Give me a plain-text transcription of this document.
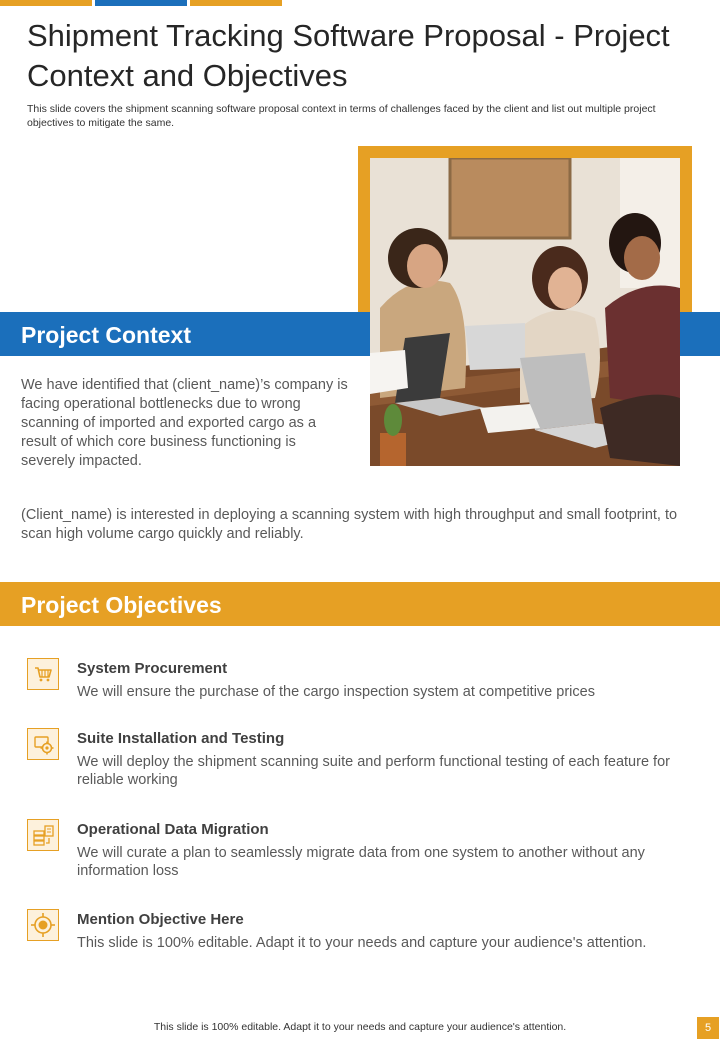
Shipment Tracking Software Proposal - Project Context and Objectives
This slide covers the shipment scanning software proposal context in terms of challenges faced by the client and list out multiple project objectives to mitigate the same.
Project Context
We have identified that (client_name)’s company is facing operational bottlenecks due to wrong scanning of imported and exported cargo as a result of which core business functioning is severely impacted.
(Client_name) is interested in deploying a scanning system with high throughput and small footprint, to scan high volume cargo quickly and reliably.
Project Objectives
System Procurement
We will ensure the purchase of the cargo inspection system at competitive prices
Suite Installation and Testing
We will deploy the shipment scanning suite and perform functional testing of each feature for reliable working
Operational Data Migration
We will curate a plan to seamlessly migrate data from one system to another without any information loss
Mention Objective Here
This slide is 100% editable. Adapt it to your needs and capture your audience's attention.
This slide is 100% editable. Adapt it to your needs and capture your audience's attention.	5
